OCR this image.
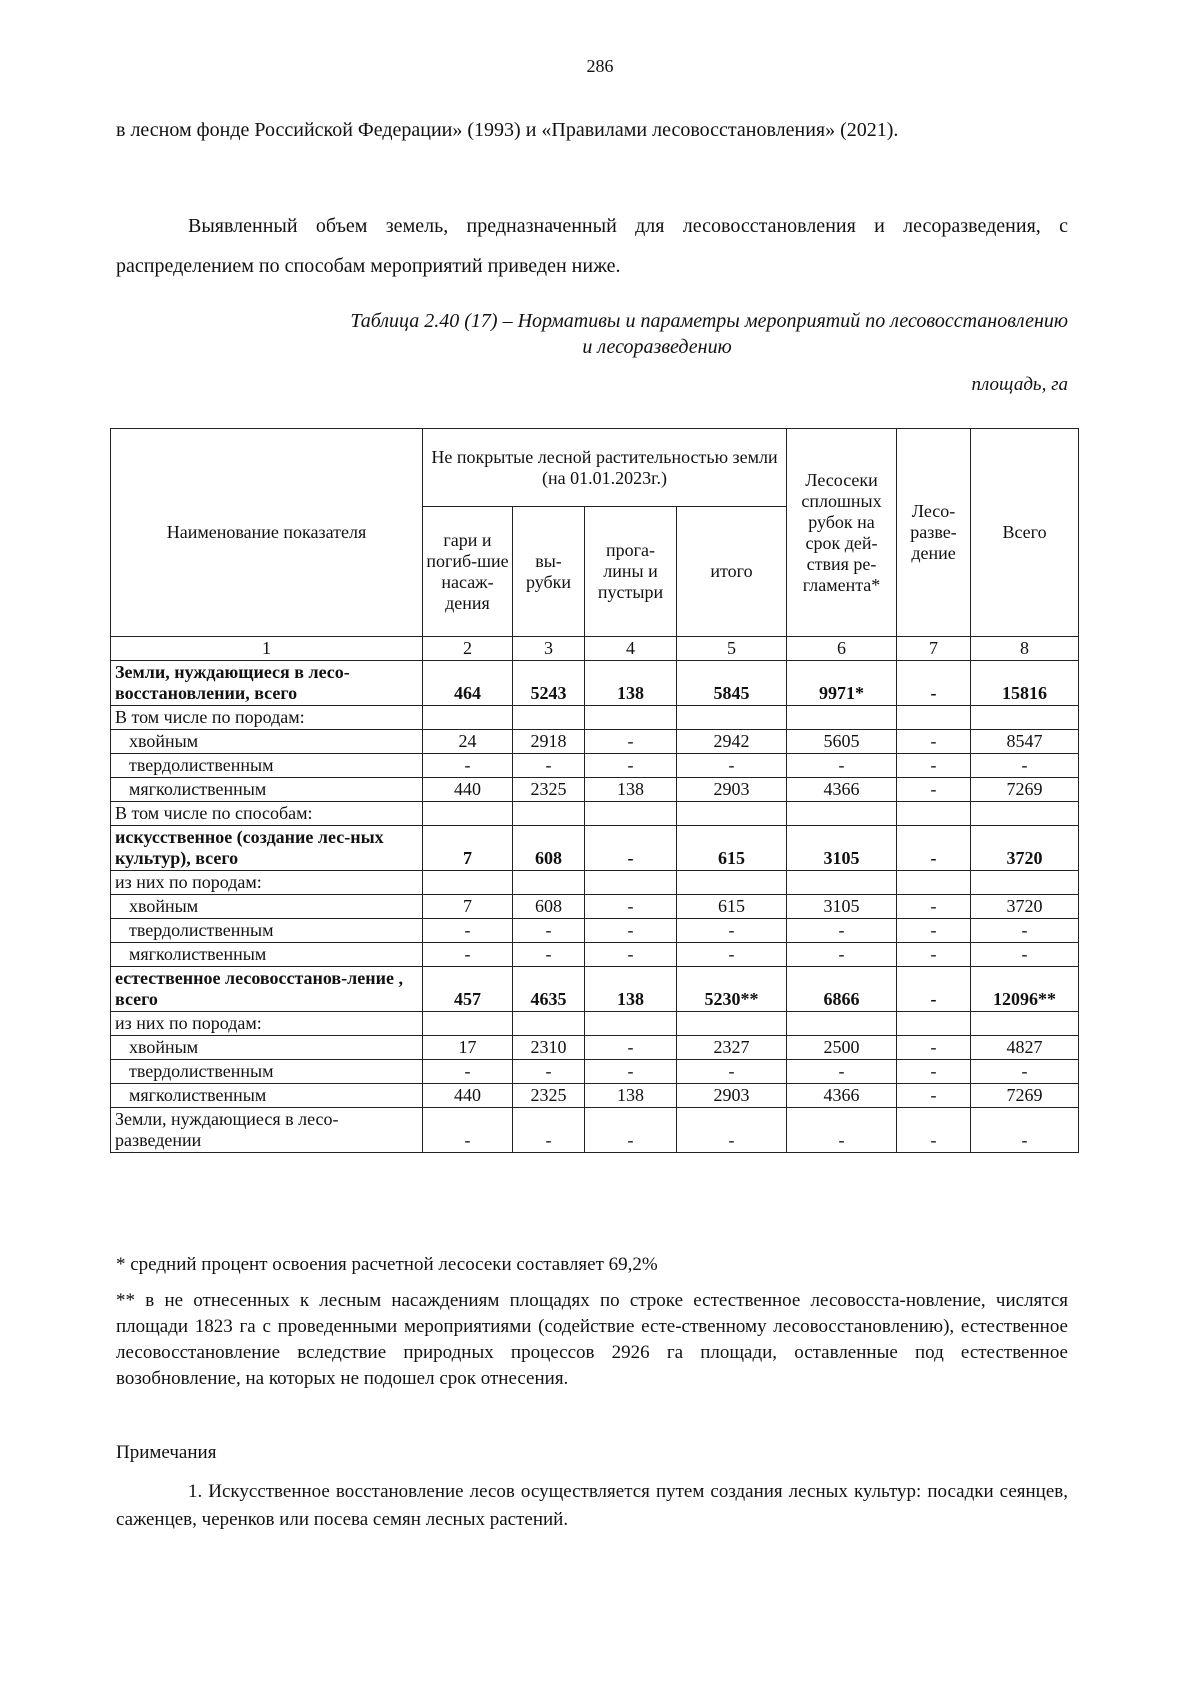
286
в лесном фонде Российской Федерации» (1993) и «Правилами лесовосстановления» (2021).
Выявленный объем земель, предназначенный для лесовосстановления и лесоразведения, с распределением по способам мероприятий приведен ниже.
Таблица 2.40 (17) – Нормативы и параметры мероприятий по лесовосстановлению
и лесоразведению
площадь, га
Наименование показателя	Не покрытые лесной растительностью земли (на 01.01.2023г.)				Лесосеки сплошных рубок на срок дей-ствия ре-гламента*	Лесо-разве-дение	Всего
	гари и погиб-шие насаж-дения	вы-рубки	прога-лины и пустыри	итого			
1	2	3	4	5	6	7	8
Земли, нуждающиеся в лесо-восстановлении, всего	464	5243	138	5845	9971*	-	15816
В том числе по породам:							
хвойным	24	2918	-	2942	5605	-	8547
твердолиственным	-	-	-	-	-	-	-
мягколиственным	440	2325	138	2903	4366	-	7269
В том числе по способам:							
искусственное (создание лес-ных культур), всего	7	608	-	615	3105	-	3720
из них по породам:							
хвойным	7	608	-	615	3105	-	3720
твердолиственным	-	-	-	-	-	-	-
мягколиственным	-	-	-	-	-	-	-
естественное лесовосстанов-ление , всего	457	4635	138	5230**	6866	-	12096**
из них по породам:							
хвойным	17	2310	-	2327	2500	-	4827
твердолиственным	-	-	-	-	-	-	-
мягколиственным	440	2325	138	2903	4366	-	7269
Земли, нуждающиеся в лесо-разведении	-	-	-	-	-	-	-
* средний процент освоения расчетной лесосеки составляет 69,2%
** в не отнесенных к лесным насаждениям площадях по строке естественное лесовосста-новление, числятся площади 1823 га с проведенными мероприятиями (содействие есте-ственному лесовосстановлению), естественное лесовосстановление вследствие природных процессов 2926 га площади, оставленные под естественное возобновление, на которых не подошел срок отнесения.
Примечания
1. Искусственное восстановление лесов осуществляется путем создания лесных культур: посадки сеянцев, саженцев, черенков или посева семян лесных растений.
